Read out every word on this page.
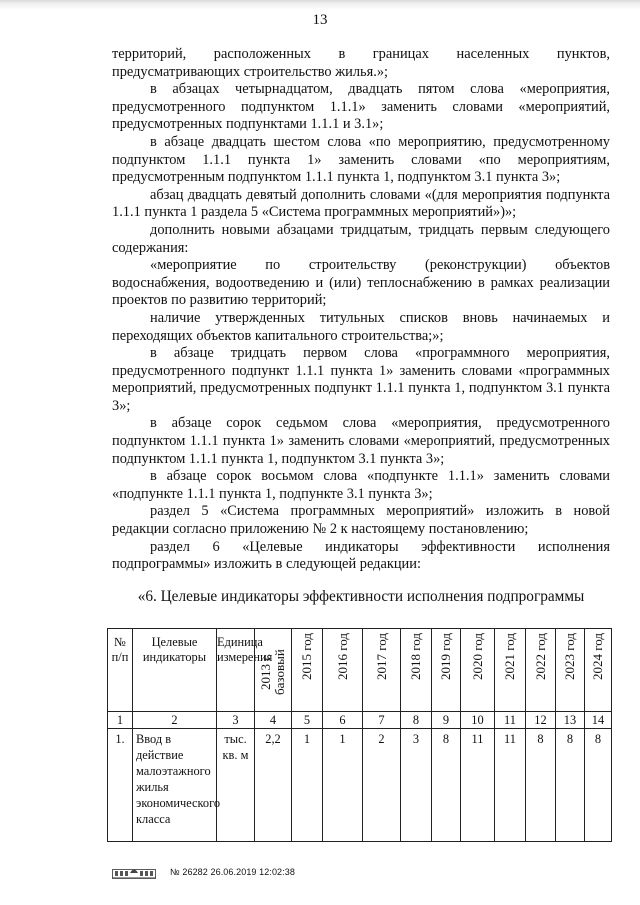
13

территорий, расположенных в границах населенных пунктов, предусматривающих строительство жилья.»;

в абзацах четырнадцатом, двадцать пятом слова «мероприятия, предусмотренного подпунктом 1.1.1» заменить словами «мероприятий, предусмотренных подпунктами 1.1.1 и 3.1»;

в абзаце двадцать шестом слова «по мероприятию, предусмотренному подпунктом 1.1.1 пункта 1» заменить словами «по мероприятиям, предусмотренным подпунктом 1.1.1 пункта 1, подпунктом 3.1 пункта 3»;

абзац двадцать девятый дополнить словами «(для мероприятия подпункта 1.1.1 пункта 1 раздела 5 «Система программных мероприятий»)»;

дополнить новыми абзацами тридцатым, тридцать первым следующего содержания:

«мероприятие по строительству (реконструкции) объектов водоснабжения, водоотведению и (или) теплоснабжению в рамках реализации проектов по развитию территорий;

наличие утвержденных титульных списков вновь начинаемых и переходящих объектов капитального строительства;»;

в абзаце тридцать первом слова «программного мероприятия, предусмотренного подпункт 1.1.1 пункта 1» заменить словами «программных мероприятий, предусмотренных подпункт 1.1.1 пункта 1, подпунктом 3.1 пункта 3»;

в абзаце сорок седьмом слова «мероприятия, предусмотренного подпунктом 1.1.1 пункта 1» заменить словами «мероприятий, предусмотренных подпунктом 1.1.1 пункта 1, подпунктом 3.1 пункта 3»;

в абзаце сорок восьмом слова «подпункте 1.1.1» заменить словами «подпункте 1.1.1 пункта 1, подпункте 3.1 пункта 3»;

раздел 5 «Система программных мероприятий» изложить в новой редакции согласно приложению № 2 к настоящему постановлению;

раздел 6 «Целевые индикаторы эффективности исполнения подпрограммы» изложить в следующей редакции:

«6. Целевые индикаторы эффективности исполнения подпрограммы
№ п/п	Целевые индикаторы	Единица измерения	2013 г. базовый	2015 год	2016 год	2017 год	2018 год	2019 год	2020 год	2021 год	2022 год	2023 год	2024 год
1	2	3	4	5	6	7	8	9	10	11	12	13	14
1.	Ввод в действие малоэтажного жилья экономического класса	тыс. кв. м	2,2	1	1	2	3	8	11	11	8	8	8
№ 26282 26.06.2019 12:02:38
